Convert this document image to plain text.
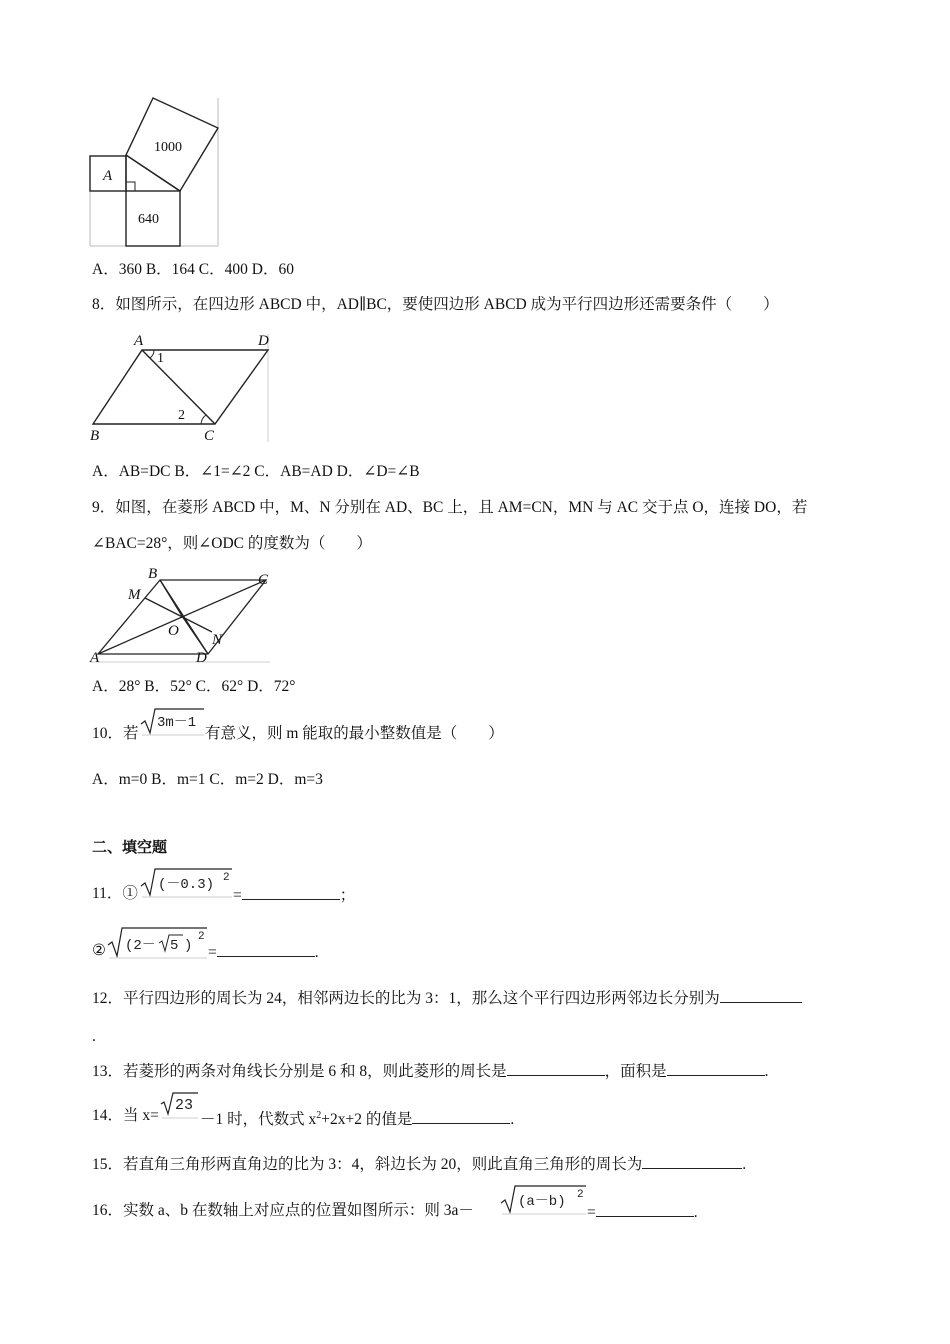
1000
A
640
A．360 B．164 C．400 D．60
8．如图所示，在四边形 ABCD 中，AD∥BC，要使四边形 ABCD 成为平行四边形还需要条件（　　）
A	D
B	C
1
2
A．AB=DC B．∠1=∠2 C．AB=AD D．∠D=∠B
9．如图，在菱形 ABCD 中，M、N 分别在 AD、BC 上，且 AM=CN，MN 与 AC 交于点 O，连接 DO，若
∠BAC=28°，则∠ODC 的度数为（　　）
B	C
M
O
N
A	D
A．28° B．52° C．62° D．72°
10．若
3m－1
有意义，则 m 能取的最小整数值是（　　）
A．m=0 B．m=1 C．m=2 D．m=3
二、填空题
11．① (－0.3) 2
=	；
② (2－ 5 )
2
=	.
12．平行四边形的周长为 24，相邻两边长的比为 3：1，那么这个平行四边形两邻边长分别为
.
13．若菱形的两条对角线长分别是 6 和 8，则此菱形的周长是	，面积是	.
14．当 x=
23
－1 时，代数式 $x^2+2x+2$ 的值是	.
15．若直角三角形两直角边的比为 3：4，斜边长为 20，则此直角三角形的周长为	.
16．实数 a、b 在数轴上对应点的位置如图所示：则 3a－	(a－b) 2
=	.
